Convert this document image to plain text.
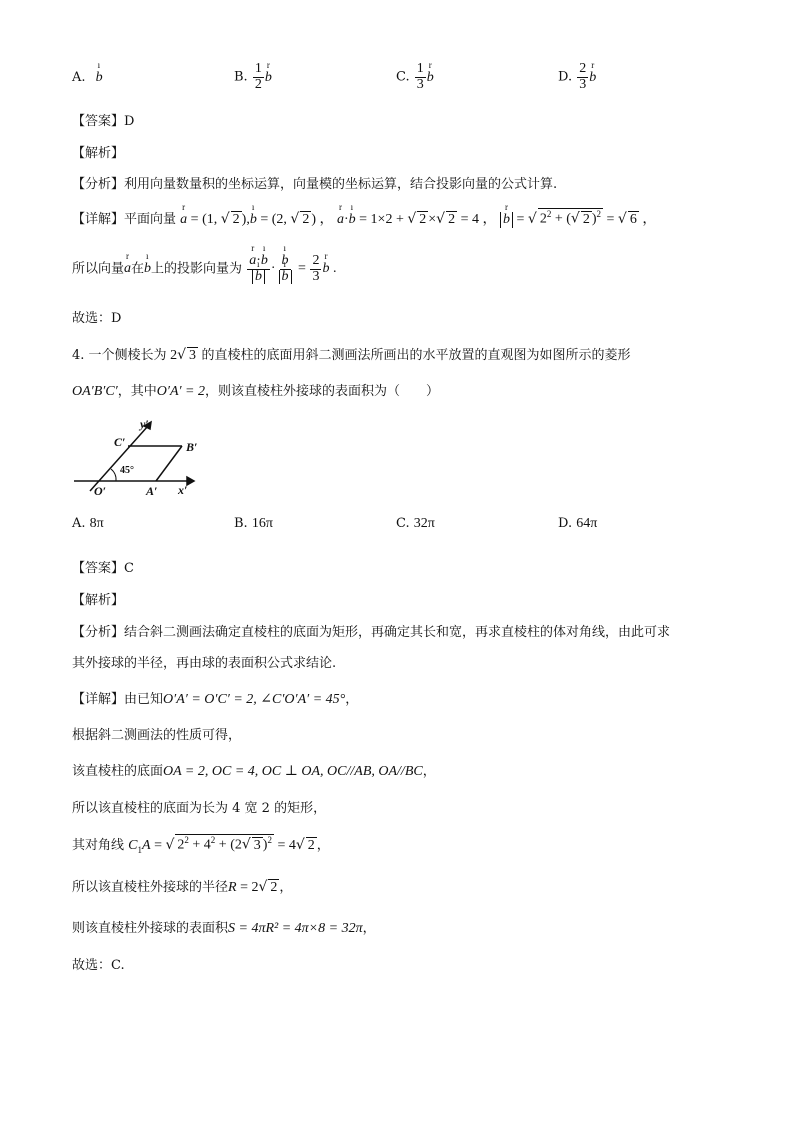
A. ı b	B. $\frac{1}{2}$ r b	C. $\frac{1}{3}$ r b	D. $\frac{2}{3}$ r b
【答案】D
【解析】
【分析】利用向量数量积的坐标运算，向量模的坐标运算，结合投影向量的公式计算.
【详解】平面向量 r a = (1, √ 2 ),ı b = (2, √ 2 ) ， r a·ı b = 1×2 + √ 2 ×√ 2 = 4 ， r b = √ $2^2$ + (√ 2 )$^2$ = √ 6 ，
所以向量r a在ı b上的投影向量为 r a·ı b
ı b · ı b
ı $b = \frac{2}{3}$ r b .
故选：D
4. 一个侧棱长为 2√ 3 的直棱柱的底面用斜二测画法所画出的水平放置的直观图为如图所示的菱形
OA′B′C′，其中O′A′ = 2，则该直棱柱外接球的表面积为（　　）
y′
C′	B′
45°
O′	A′ x′
A. 8π	B. 16π	C. 32π	D. 64π
【答案】C
【解析】
【分析】结合斜二测画法确定直棱柱的底面为矩形，再确定其长和宽，再求直棱柱的体对角线，由此可求
其外接球的半径，再由球的表面积公式求结论.
【详解】由已知O′A′ = O′C′ = 2, ∠C′O′A′ = 45°，
根据斜二测画法的性质可得，
该直棱柱的底面OA = 2, OC = 4, OC ⊥ OA, OC//AB, OA//BC，
所以该直棱柱的底面为长为 4 宽 2 的矩形，
其对角线 $C_1A$ = √ $2^2 + 4^2 + (2√$ 3 )$^2$ = 4√ 2 ，
所以该直棱柱外接球的半径R = 2√ 2 ，
则该直棱柱外接球的表面积S = 4πR² = 4π×8 = 32π，
故选：C.
